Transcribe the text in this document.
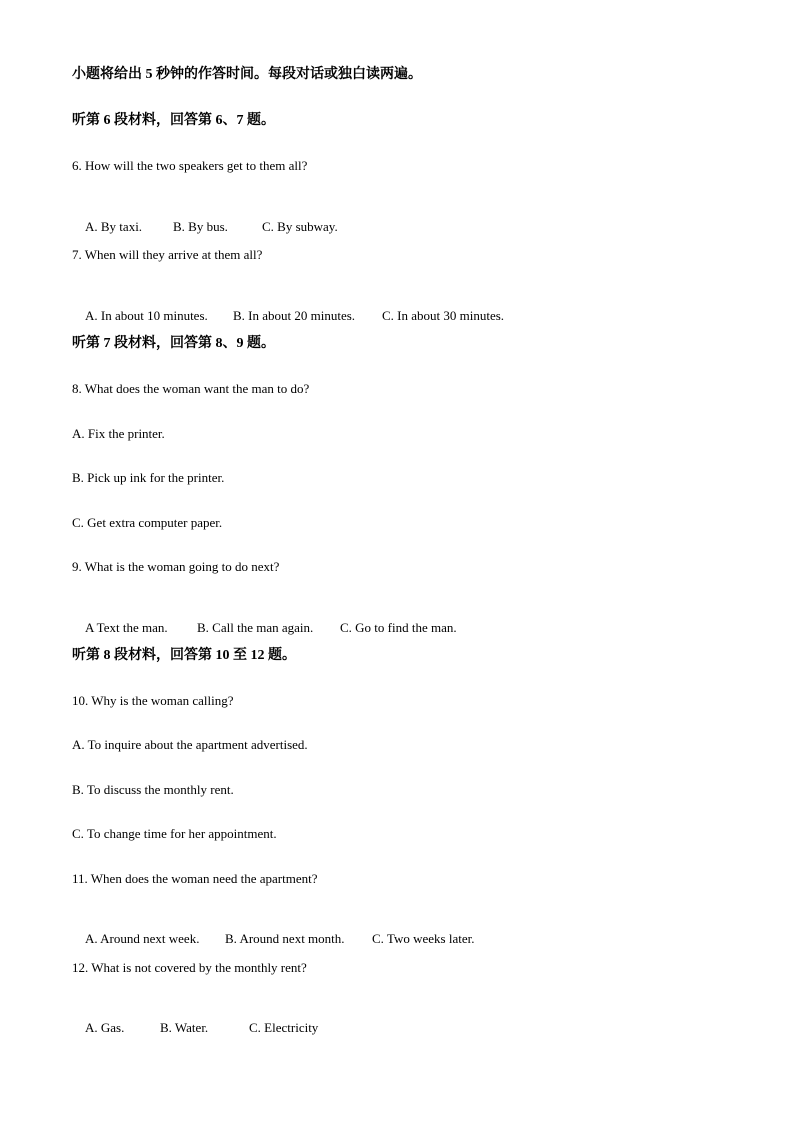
小题将给出 5 秒钟的作答时间。每段对话或独白读两遍。
听第 6 段材料，回答第 6、7 题。
6. How will the two speakers get to them all?

A. By taxi. B. By bus.	C. By subway.

7. When will they arrive at them all?

A. In about 10 minutes. B. In about 20 minutes. C. In about 30 minutes.

听第 7 段材料，回答第 8、9 题。
8. What does the woman want the man to do?
A. Fix the printer.
B. Pick up ink for the printer.
C. Get extra computer paper.
9. What is the woman going to do next?

A Text the man. B. Call the man again. C. Go to find the man.

听第 8 段材料，回答第 10 至 12 题。
10. Why is the woman calling?
A. To inquire about the apartment advertised.
B. To discuss the monthly rent.
C. To change time for her appointment.
11. When does the woman need the apartment?

A. Around next week. B. Around next month. C. Two weeks later.

12. What is not covered by the monthly rent?

A. Gas.	B. Water.	C. Electricity
